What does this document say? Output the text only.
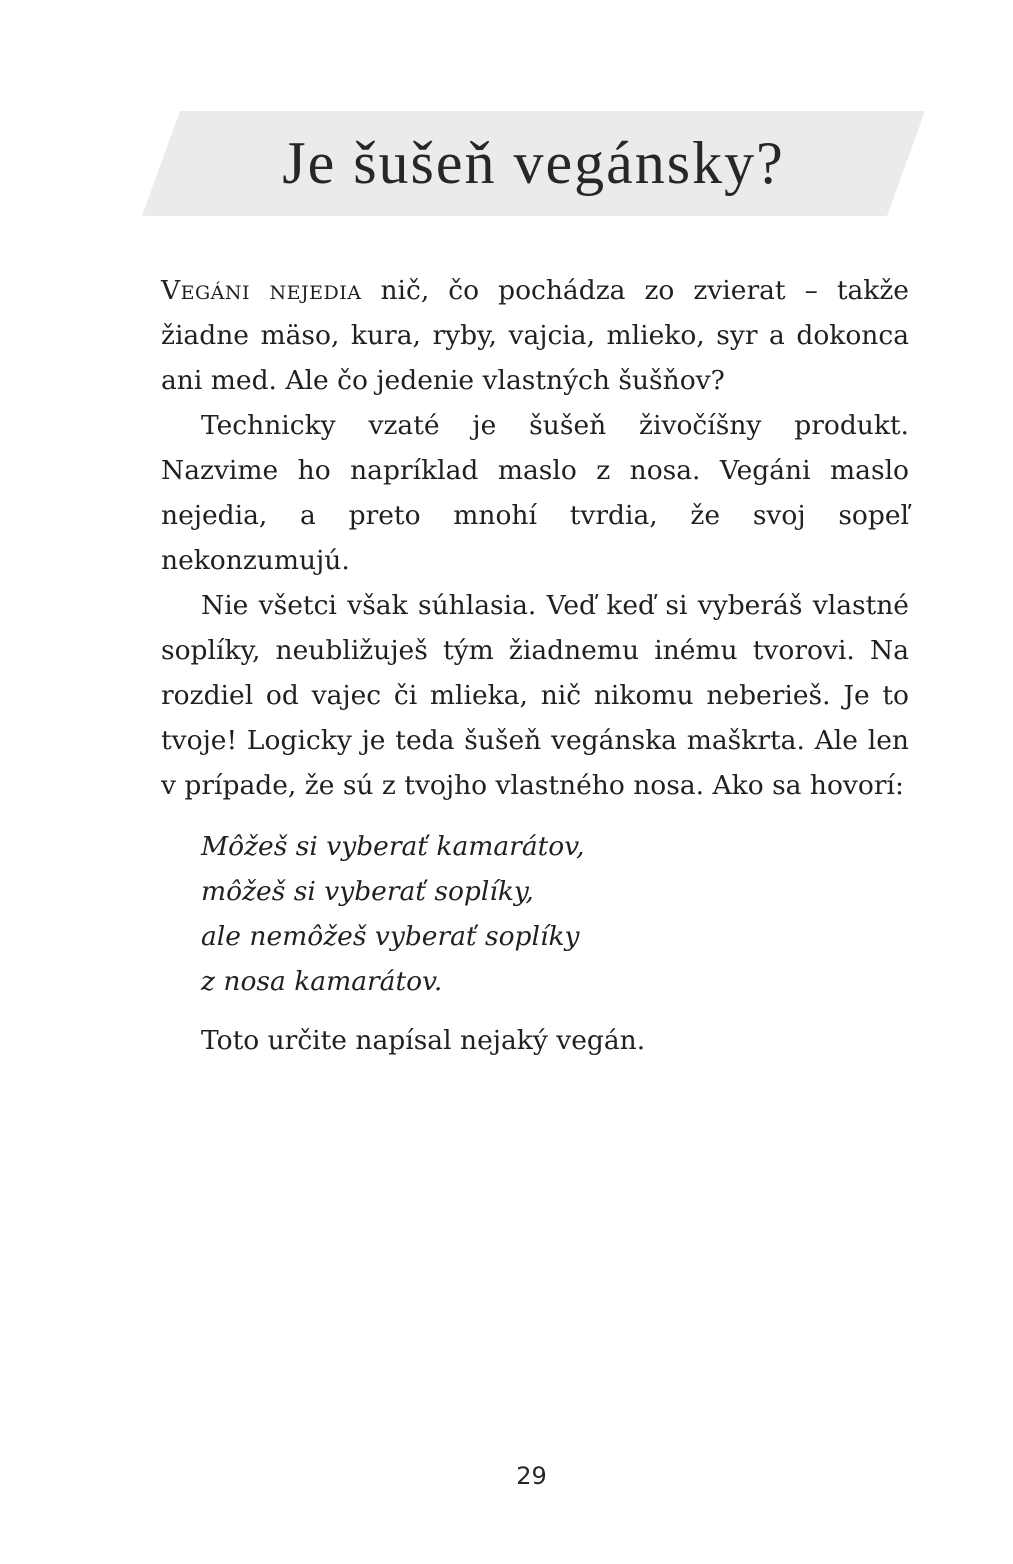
Je šušeň vegánsky?

Vegáni nejedia nič, čo pochádza zo zvierat – takže žiadne mäso, kura, ryby, vajcia, mlieko, syr a dokonca ani med. Ale čo jedenie vlastných šušňov?

Technicky vzaté je šušeň živočíšny produkt. Nazvime ho napríklad maslo z nosa. Vegáni maslo nejedia, a preto mnohí tvrdia, že svoj sopeľ nekonzumujú.

Nie všetci však súhlasia. Veď keď si vyberáš vlastné soplíky, neubližuješ tým žiadnemu inému tvorovi. Na rozdiel od vajec či mlieka, nič nikomu neberieš. Je to tvoje! Logicky je teda šušeň vegánska maškrta. Ale len v prípade, že sú z tvojho vlastného nosa. Ako sa hovorí:

Môžeš si vyberať kamarátov,
môžeš si vyberať soplíky,
ale nemôžeš vyberať soplíky
z nosa kamarátov.

Toto určite napísal nejaký vegán.

29
